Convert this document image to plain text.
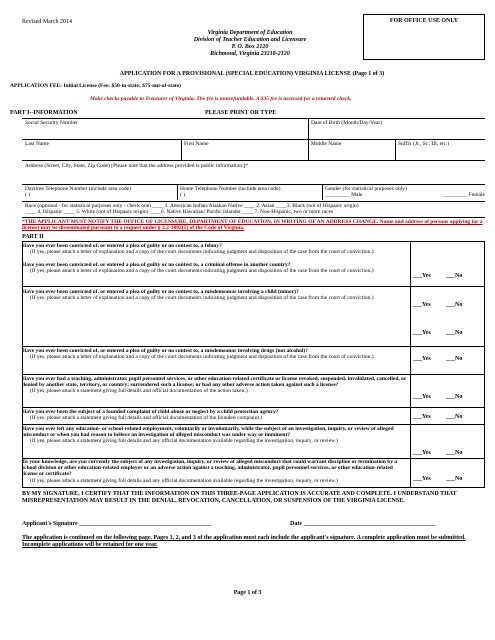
Revised March 2014
Virginia Department of Education
Division of Teacher Education and Licensure
P. O. Box 2120
Richmond, Virginia 23218-2120
FOR OFFICE USE ONLY
APPLICATION FOR A PROVISIONAL (SPECIAL EDUCATION) VIRGINIA LICENSE (Page 1 of 3)
APPLICATION FEE: Initial License (Fee: $50-in-state; $75-out-of-state)
Make checks payable to Treasurer of Virginia. The fee is nonrefundable. A $35 fee is assessed for a returned check.
PART I--INFORMATION	PLEASE PRINT OR TYPE
Social Security Number	Date of Birth (Month/Day/Year)
Last Name	First Name	Middle Name	Suffix (Jr., Sr., III, etc.)
Address (Street, City, State, Zip Code) [Please note that the address provided is public information.]*
Daytime Telephone Number (include area code)
( )
Home Telephone Number (include area code)
( )
Gender (for statistical purposes only)
_________ Male	_________ Female
Race (optional - for statistical purposes only - check one) ____ 1. American Indian/Alaskan Native ____ 2. Asian ____3. Black (not of Hispanic origin)
____ 4. Hispanic ____ 5. White (not of Hispanic origin) ____6. Native Hawaiian/ Pacific Islander ____ 7. Non-Hispanic, two or more races
*THE APPLICANT MUST NOTIFY THE OFFICE OF LICENSURE, DEPARTMENT OF EDUCATION, IN WRITING OF AN ADDRESS CHANGE. Name and address of persons applying for a license) may be disseminated pursuant to a request under § 2.2-3802(5) of the Code of Virginia.
PART II
Have you ever been convicted of, or entered a plea of guilty or no contest to, a felony?
(If yes, please attach a letter of explanation and a copy of the court documents indicating judgment and disposition of the case from the court of conviction.)
___Yes	___No
Have you ever been convicted of, or entered a plea of guilty or no contest to, a criminal offense in another country?
(If yes, please attach a letter of explanation and a copy of the court documents indicating judgment and disposition of the case from the court of conviction.)
___Yes	___No
Have you ever been convicted of, or entered a plea of guilty or no contest to, a misdemeanor involving a child (minor)?
(If yes, please attach a letter of explanation and a copy of the court documents indicating judgment and disposition of the case from the court of conviction.)
___Yes	___No
Have you ever been convicted of, or entered a plea of guilty or no contest to, a misdemeanor involving drugs (not alcohol)?
(If yes, please attach a letter of explanation and a copy of the court documents indicating judgment and disposition of the case from the court of conviction.)	___Yes	___No
Have you ever had a teaching, administrator, pupil personnel services, or other education-related certificate or license revoked, suspended, invalidated, cancelled, or denied by another state, territory, or country; surrendered such a license; or had any other adverse action taken against such a license?
(If yes, please attach a statement giving full details and official documentation of the action taken.)
___Yes	___No
Have you ever been the subject of a founded complaint of child abuse or neglect by a child protection agency?
(If yes, please attach a statement giving full details and official documentation of the founded complaint.)	___Yes	___No
Have you ever left any education- or school-related employment, voluntarily or involuntarily, while the subject of an investigation, inquiry, or review of alleged misconduct or when you had reason to believe an investigation of alleged misconduct was under way or imminent?
(If yes, please attach a statement giving full details and any official documentation available regarding the investigation, inquiry, or review.)
___Yes	___No
To your knowledge, are you currently the subject of any investigation, inquiry, or review of alleged misconduct that could warrant discipline or termination by a school division or other education-related employer or an adverse action against a teaching, administrator, pupil personnel services, or other education-related license or certificate?
(If yes, please attach a statement giving full details and any official documentation available regarding the investigation, inquiry, or review.)	___Yes	___No
BY MY SIGNATURE, I CERTIFY THAT THE INFORMATION ON THIS THREE-PAGE APPLICATION IS ACCURATE AND COMPLETE. I UNDERSTAND THAT MISREPRESENTATION MAY RESULT IN THE DENIAL, REVOCATION, CANCELLATION, OR SUSPENSION OF THE VIRGINIA LICENSE.
Applicant's Signature ____________________________________________	Date ____________________________________________
The application is continued on the following page. Pages 1, 2, and 3 of the application must each include the applicant's signature. A complete application must be submitted. Incomplete applications will be retained for one year.
Page 1 of 3
